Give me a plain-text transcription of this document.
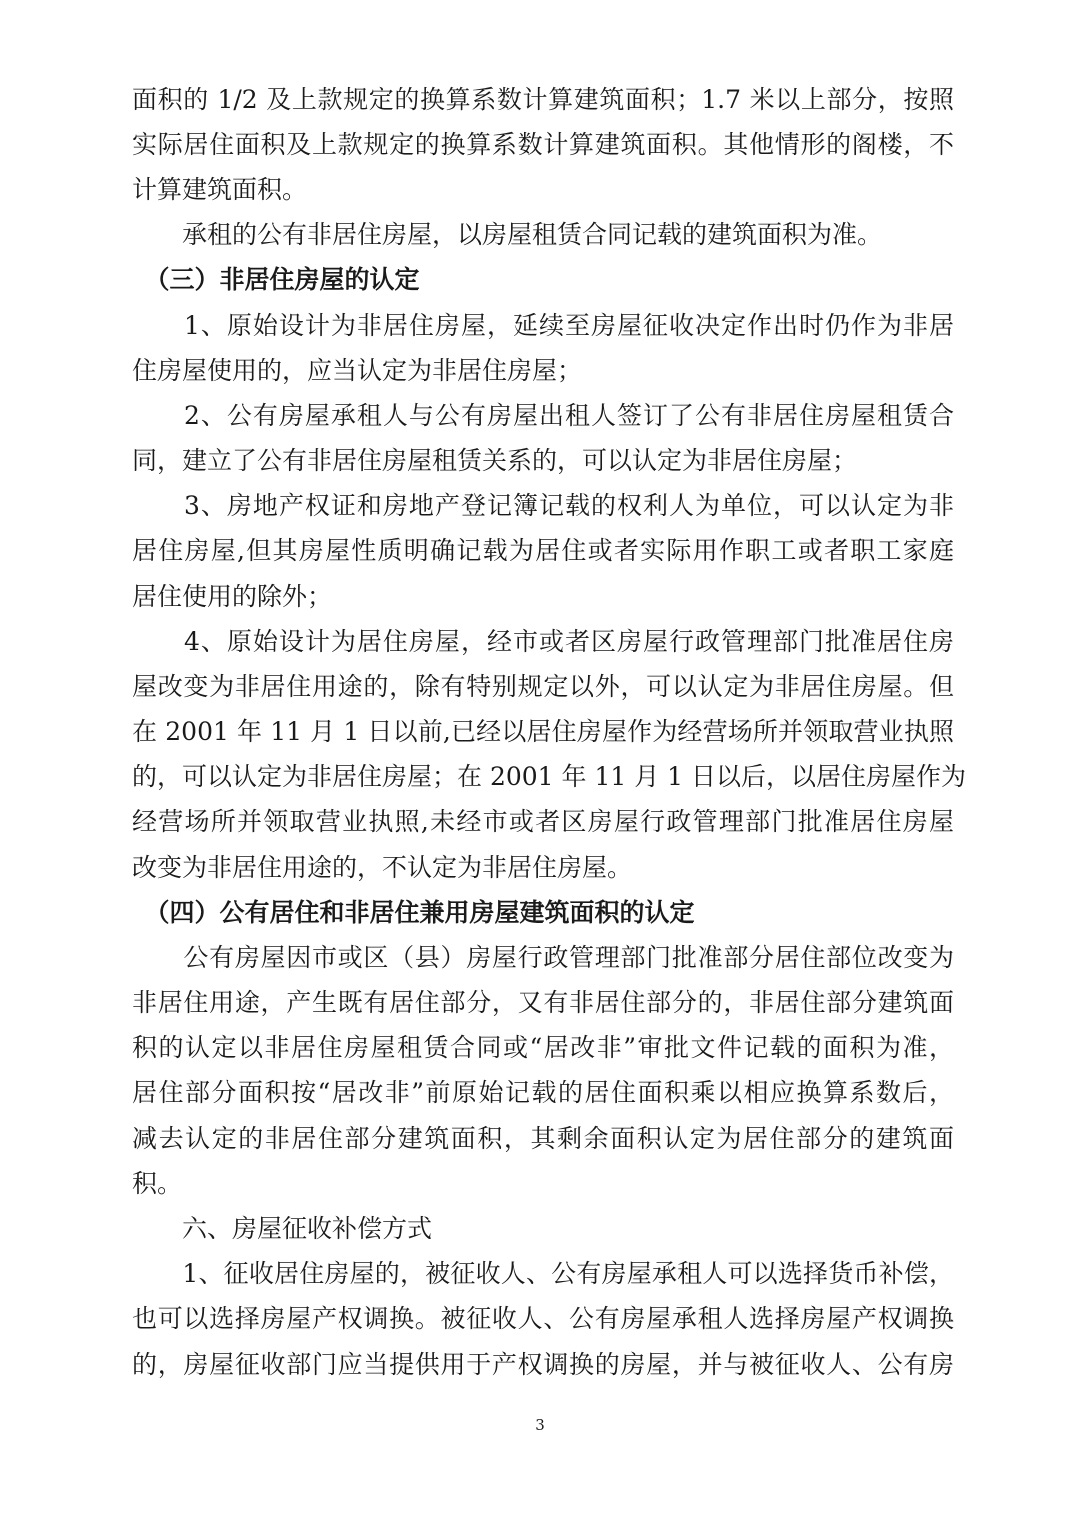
面积的 1/2 及上款规定的换算系数计算建筑面积；1.7 米以上部分，按照
实际居住面积及上款规定的换算系数计算建筑面积。其他情形的阁楼，不
计算建筑面积。
　　承租的公有非居住房屋，以房屋租赁合同记载的建筑面积为准。
　（三）非居住房屋的认定
　　1、原始设计为非居住房屋，延续至房屋征收决定作出时仍作为非居
住房屋使用的，应当认定为非居住房屋；
　　2、公有房屋承租人与公有房屋出租人签订了公有非居住房屋租赁合
同，建立了公有非居住房屋租赁关系的，可以认定为非居住房屋；
　　3、房地产权证和房地产登记簿记载的权利人为单位，可以认定为非
居住房屋,但其房屋性质明确记载为居住或者实际用作职工或者职工家庭
居住使用的除外；
　　4、原始设计为居住房屋，经市或者区房屋行政管理部门批准居住房
屋改变为非居住用途的，除有特别规定以外，可以认定为非居住房屋。但
在 2001 年 11 月 1 日以前,已经以居住房屋作为经营场所并领取营业执照
的，可以认定为非居住房屋；在 2001 年 11 月 1 日以后，以居住房屋作为
经营场所并领取营业执照,未经市或者区房屋行政管理部门批准居住房屋
改变为非居住用途的，不认定为非居住房屋。
　（四）公有居住和非居住兼用房屋建筑面积的认定
　　公有房屋因市或区（县）房屋行政管理部门批准部分居住部位改变为
非居住用途，产生既有居住部分，又有非居住部分的，非居住部分建筑面
积的认定以非居住房屋租赁合同或“居改非”审批文件记载的面积为准，
居住部分面积按“居改非”前原始记载的居住面积乘以相应换算系数后，
减去认定的非居住部分建筑面积，其剩余面积认定为居住部分的建筑面
积。
　　六、房屋征收补偿方式
　　1、征收居住房屋的，被征收人、公有房屋承租人可以选择货币补偿，
也可以选择房屋产权调换。被征收人、公有房屋承租人选择房屋产权调换
的，房屋征收部门应当提供用于产权调换的房屋，并与被征收人、公有房
3
